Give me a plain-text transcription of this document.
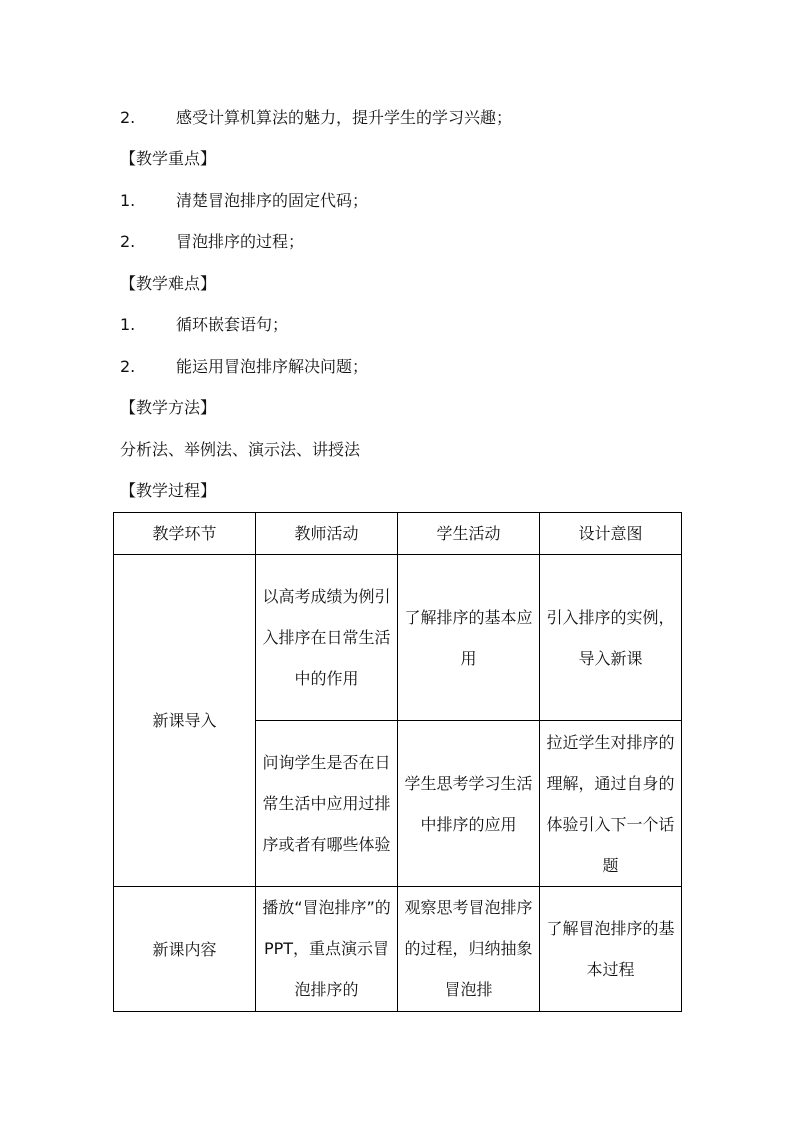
2.	感受计算机算法的魅力，提升学生的学习兴趣；
【教学重点】
1.	清楚冒泡排序的固定代码；
2.	冒泡排序的过程；
【教学难点】
1.	循环嵌套语句；
2.	能运用冒泡排序解决问题；
【教学方法】
分析法、举例法、演示法、讲授法
【教学过程】
教学环节	教师活动	学生活动	设计意图
新课导入	以高考成绩为例引入排序在日常生活中的作用	了解排序的基本应用	引入排序的实例，导入新课
	问询学生是否在日常生活中应用过排序或者有哪些体验	学生思考学习生活中排序的应用	拉近学生对排序的理解，通过自身的体验引入下一个话题
新课内容	播放“冒泡排序”的PPT，重点演示冒泡排序的	观察思考冒泡排序的过程，归纳抽象冒泡排	了解冒泡排序的基本过程
